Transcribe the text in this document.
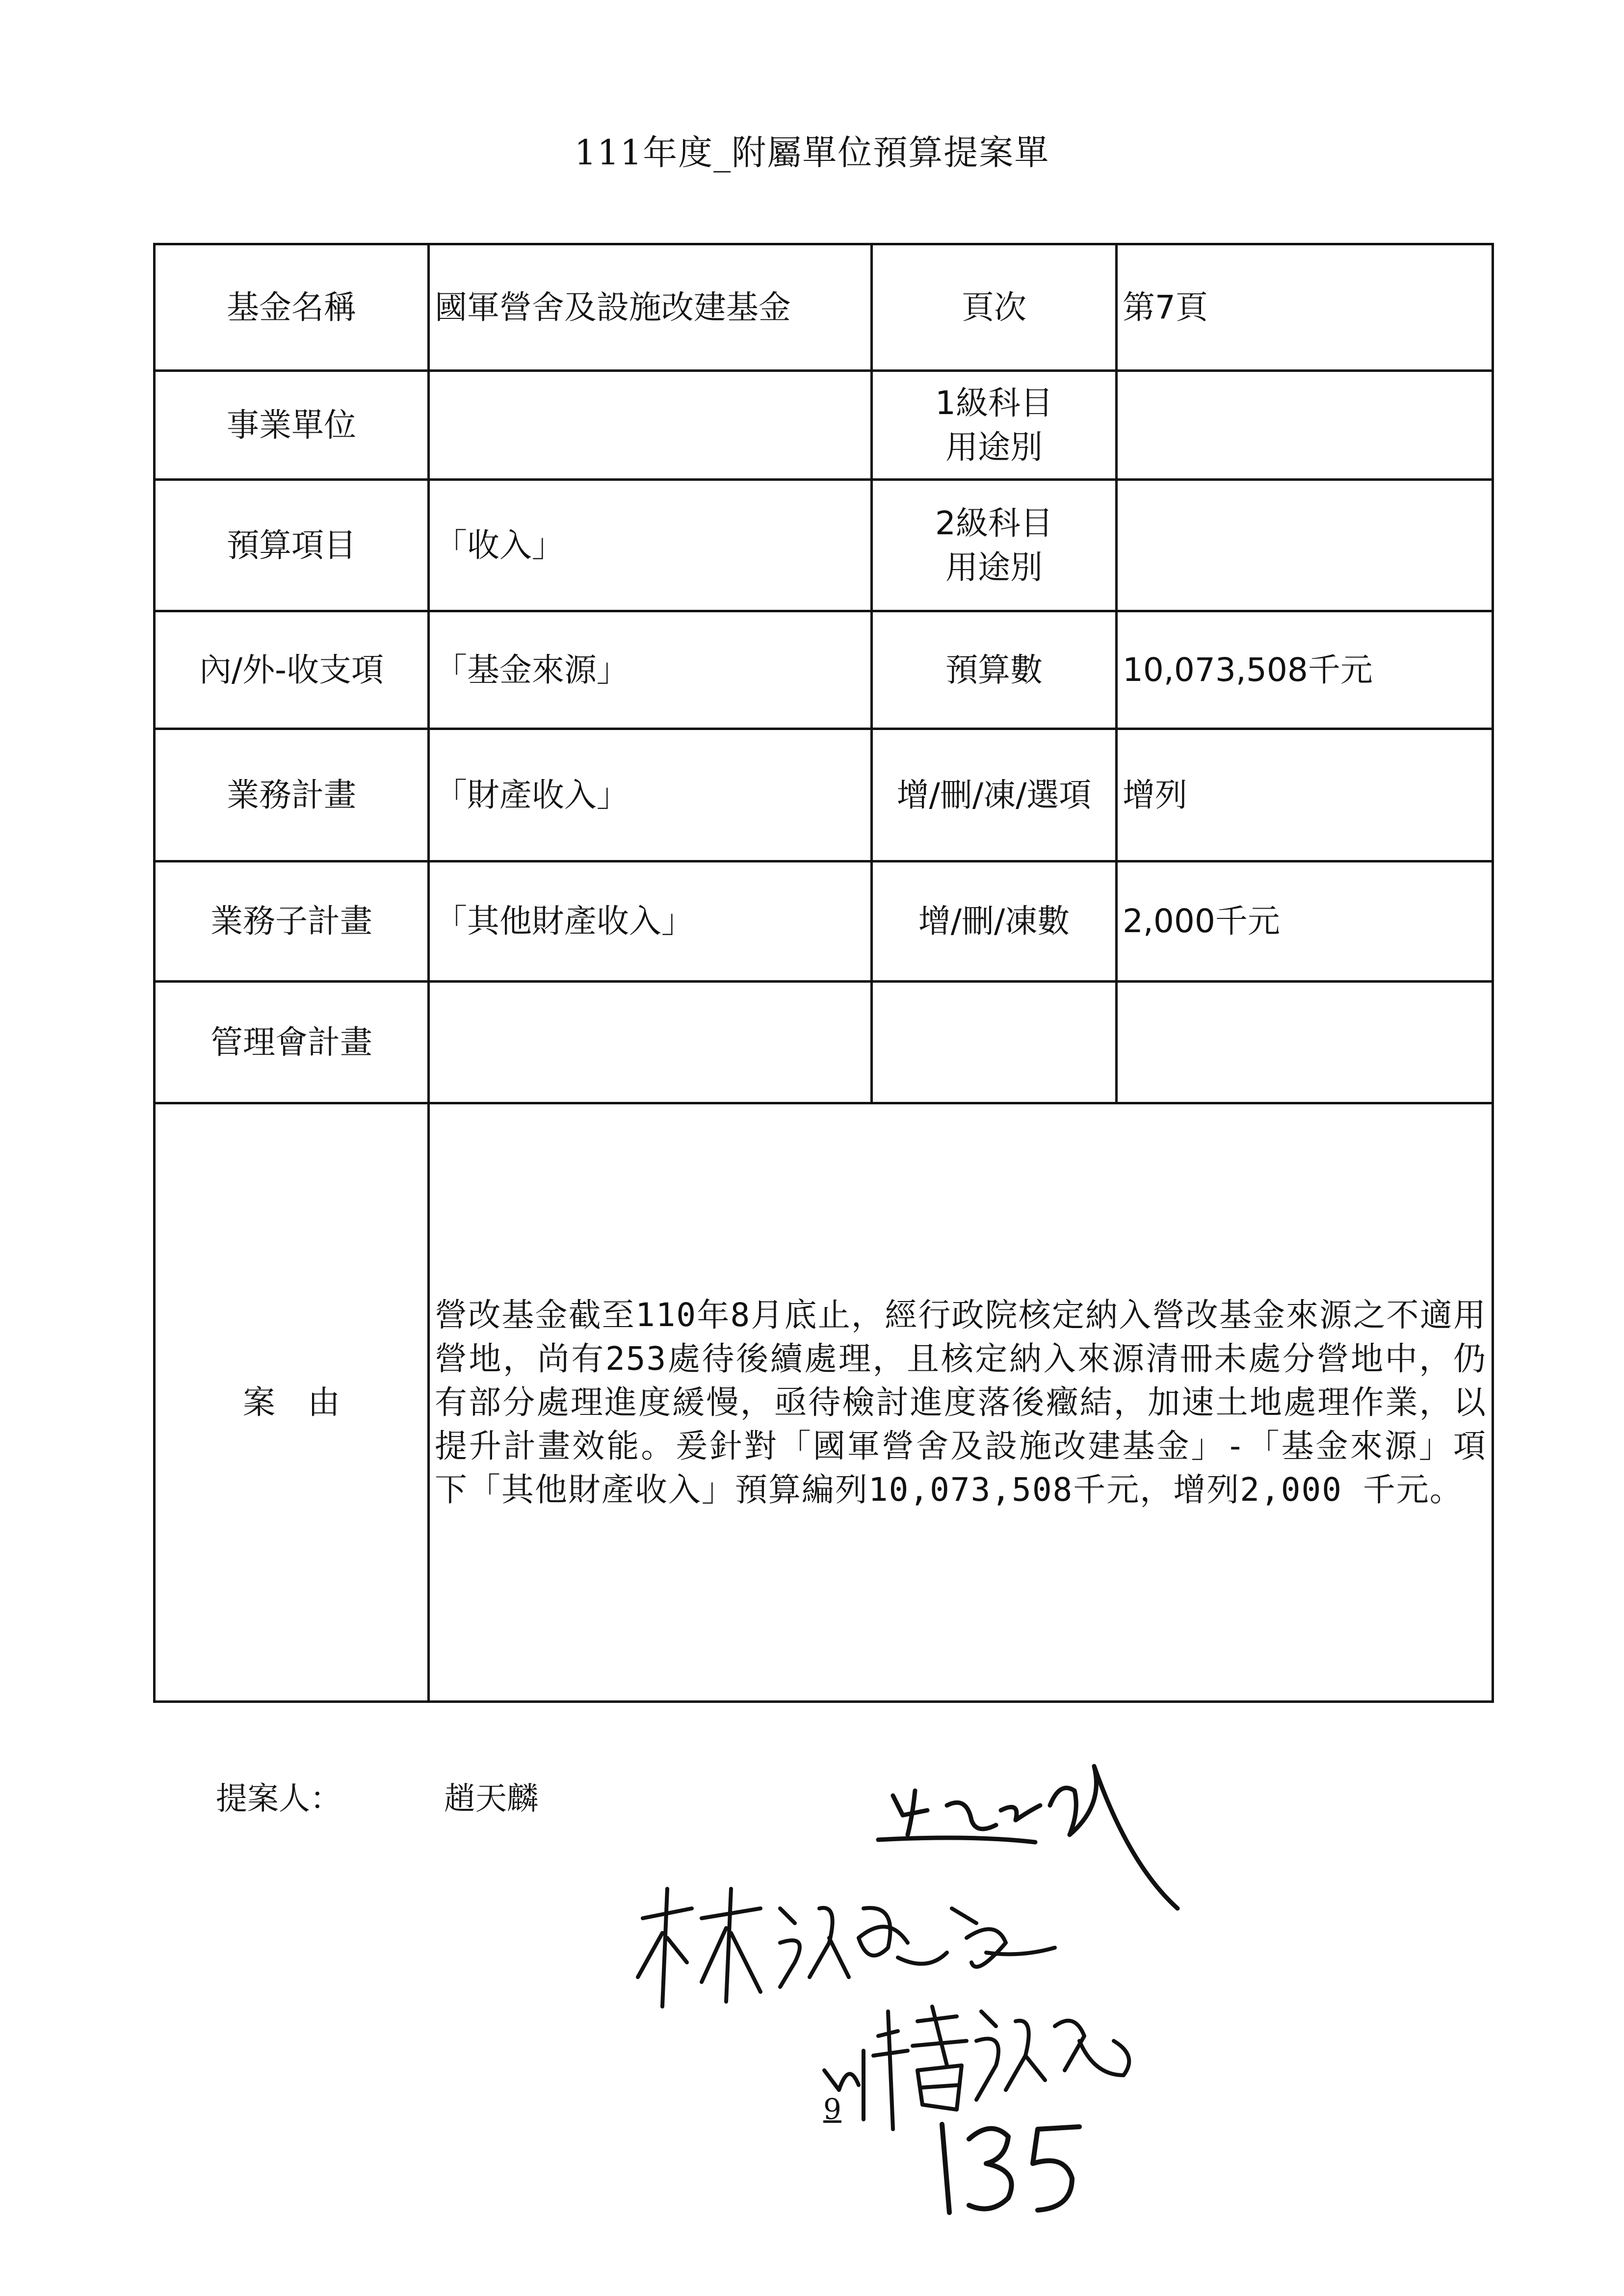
111年度_附屬單位預算提案單
基金名稱	國軍營舍及設施改建基金	頁次	第7頁
事業單位		1級科目
用途別	
預算項目	「收入」	2級科目
用途別	
內/外-收支項	「基金來源」	預算數	10,073,508千元
業務計畫	「財產收入」	增/刪/凍/選項	增列
業務子計畫	「其他財產收入」	增/刪/凍數	2,000千元
管理會計畫			
案　由	營改基金截至110年8月底止，經行政院核定納入營改基金來源之不適用營地，尚有253處待後續處理，且核定納入來源清冊未處分營地中，仍有部分處理進度緩慢，亟待檢討進度落後癥結，加速土地處理作業，以提升計畫效能。爰針對「國軍營舍及設施改建基金」-「基金來源」項下「其他財產收入」預算編列10,073,508千元，增列2,000 千元。		
提案人：	趙天麟
9
